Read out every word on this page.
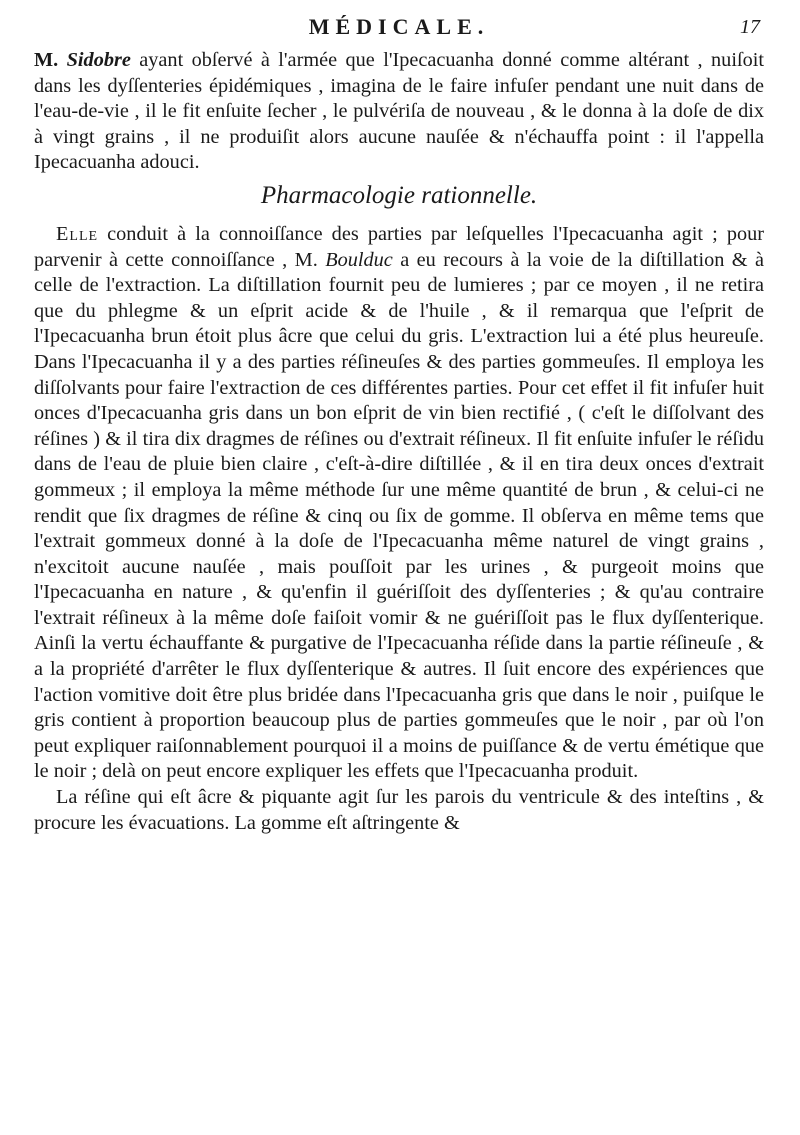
MÉDICALE.	17

M. Sidobre ayant obſervé à l'armée que l'Ipecacuanha donné comme altérant , nuiſoit dans les dyſſenteries épidémiques , imagina de le faire infuſer pendant une nuit dans de l'eau-de-vie , il le fit enſuite ſecher , le pulvériſa de nouveau , & le donna à la doſe de dix à vingt grains , il ne produiſit alors aucune nauſée & n'échauffa point : il l'appella Ipecacuanha adouci.

Pharmacologie rationnelle.

Elle conduit à la connoiſſance des parties par leſquelles l'Ipecacuanha agit ; pour parvenir à cette connoiſſance , M. Boulduc a eu recours à la voie de la diſtillation & à celle de l'extraction. La diſtillation fournit peu de lumieres ; par ce moyen , il ne retira que du phlegme & un eſprit acide & de l'huile , & il remarqua que l'eſprit de l'Ipecacuanha brun étoit plus âcre que celui du gris. L'extraction lui a été plus heureuſe. Dans l'Ipecacuanha il y a des parties réſineuſes & des parties gommeuſes. Il employa les diſſolvants pour faire l'extraction de ces différentes parties. Pour cet effet il fit infuſer huit onces d'Ipecacuanha gris dans un bon eſprit de vin bien rectifié , ( c'eſt le diſſolvant des réſines ) & il tira dix dragmes de réſines ou d'extrait réſineux. Il fit enſuite infuſer le réſidu dans de l'eau de pluie bien claire , c'eſt-à-dire diſtillée , & il en tira deux onces d'extrait gommeux ; il employa la même méthode ſur une même quantité de brun , & celui-ci ne rendit que ſix dragmes de réſine & cinq ou ſix de gomme. Il obſerva en même tems que l'extrait gommeux donné à la doſe de l'Ipecacuanha même naturel de vingt grains , n'excitoit aucune nauſée , mais pouſſoit par les urines , & purgeoit moins que l'Ipecacuanha en nature , & qu'enfin il guériſſoit des dyſſenteries ; & qu'au contraire l'extrait réſineux à la même doſe faiſoit vomir & ne guériſſoit pas le flux dyſſenterique. Ainſi la vertu échauffante & purgative de l'Ipecacuanha réſide dans la partie réſineuſe , & a la propriété d'arrêter le flux dyſſenterique & autres. Il ſuit encore des expériences que l'action vomitive doit être plus bridée dans l'Ipecacuanha gris que dans le noir , puiſque le gris contient à proportion beaucoup plus de parties gommeuſes que le noir , par où l'on peut expliquer raiſonnablement pourquoi il a moins de puiſſance & de vertu émétique que le noir ; delà on peut encore expliquer les effets que l'Ipecacuanha produit.

La réſine qui eſt âcre & piquante agit ſur les parois du ventricule & des inteſtins , & procure les évacuations. La gomme eſt aſtringente &
